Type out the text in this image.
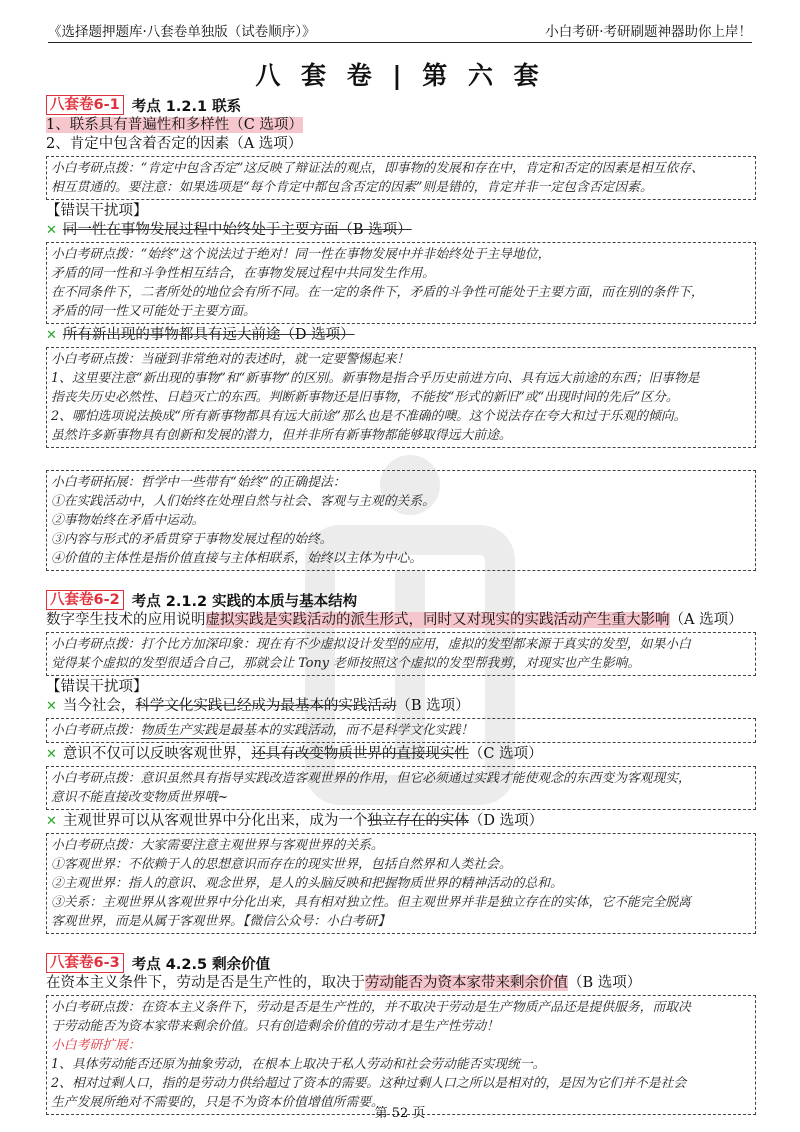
《选择题押题库·八套卷单独版（试卷顺序）》	小白考研·考研刷题神器助你上岸！
八 套 卷 | 第 六 套
八套卷6-1 考点 1.2.1 联系
1、联系具有普遍性和多样性（C 选项）
2、肯定中包含着否定的因素（A 选项）
小白考研点拨：“肯定中包含否定”这反映了辩证法的观点，即事物的发展和存在中，肯定和否定的因素是相互依存、
相互贯通的。要注意：如果选项是“每个肯定中都包含否定的因素”则是错的，肯定并非一定包含否定因素。
【错误干扰项】
✕ 同一性在事物发展过程中始终处于主要方面（B 选项）
小白考研点拨：“始终”这个说法过于绝对！同一性在事物发展中并非始终处于主导地位，
矛盾的同一性和斗争性相互结合，在事物发展过程中共同发生作用。
在不同条件下，二者所处的地位会有所不同。在一定的条件下，矛盾的斗争性可能处于主要方面，而在别的条件下，
矛盾的同一性又可能处于主要方面。
✕ 所有新出现的事物都具有远大前途（D 选项）
小白考研点拨：当碰到非常绝对的表述时，就一定要警惕起来！
1、这里要注意“新出现的事物”和“新事物”的区别。新事物是指合乎历史前进方向、具有远大前途的东西；旧事物是
指丧失历史必然性、日趋灭亡的东西。判断新事物还是旧事物，不能按“形式的新旧”或“出现时间的先后”区分。
2、哪怕选项说法换成“所有新事物都具有远大前途”那么也是不准确的噢。这个说法存在夸大和过于乐观的倾向。
虽然许多新事物具有创新和发展的潜力，但并非所有新事物都能够取得远大前途。
小白考研拓展：哲学中一些带有“始终”的正确提法：
①在实践活动中，人们始终在处理自然与社会、客观与主观的关系。
②事物始终在矛盾中运动。
③内容与形式的矛盾贯穿于事物发展过程的始终。
④价值的主体性是指价值直接与主体相联系，始终以主体为中心。
八套卷6-2 考点 2.1.2 实践的本质与基本结构
数字孪生技术的应用说明虚拟实践是实践活动的派生形式，同时又对现实的实践活动产生重大影响（A 选项）
小白考研点拨：打个比方加深印象：现在有不少虚拟设计发型的应用，虚拟的发型都来源于真实的发型，如果小白
觉得某个虚拟的发型很适合自己，那就会让 Tony 老师按照这个虚拟的发型帮我剪，对现实也产生影响。
【错误干扰项】
✕ 当今社会，科学文化实践已经成为最基本的实践活动（B 选项）
小白考研点拨：物质生产实践是最基本的实践活动，而不是科学文化实践！
✕ 意识不仅可以反映客观世界，还具有改变物质世界的直接现实性（C 选项）
小白考研点拨：意识虽然具有指导实践改造客观世界的作用，但它必须通过实践才能使观念的东西变为客观现实，
意识不能直接改变物质世界哦~
✕ 主观世界可以从客观世界中分化出来，成为一个独立存在的实体（D 选项）
小白考研点拨：大家需要注意主观世界与客观世界的关系。
①客观世界：不依赖于人的思想意识而存在的现实世界，包括自然界和人类社会。
②主观世界：指人的意识、观念世界，是人的头脑反映和把握物质世界的精神活动的总和。
③关系：主观世界从客观世界中分化出来，具有相对独立性。但主观世界并非是独立存在的实体，它不能完全脱离
客观世界，而是从属于客观世界。【微信公众号：小白考研】
八套卷6-3 考点 4.2.5 剩余价值
在资本主义条件下，劳动是否是生产性的，取决于劳动能否为资本家带来剩余价值（B 选项）
小白考研点拨：在资本主义条件下，劳动是否是生产性的，并不取决于劳动是生产物质产品还是提供服务，而取决
于劳动能否为资本家带来剩余价值。只有创造剩余价值的劳动才是生产性劳动！
小白考研扩展：
1、具体劳动能否还原为抽象劳动，在根本上取决于私人劳动和社会劳动能否实现统一。
2、相对过剩人口，指的是劳动力供给超过了资本的需要。这种过剩人口之所以是相对的，是因为它们并不是社会
生产发展所绝对不需要的，只是不为资本价值增值所需要。
第 52 页
